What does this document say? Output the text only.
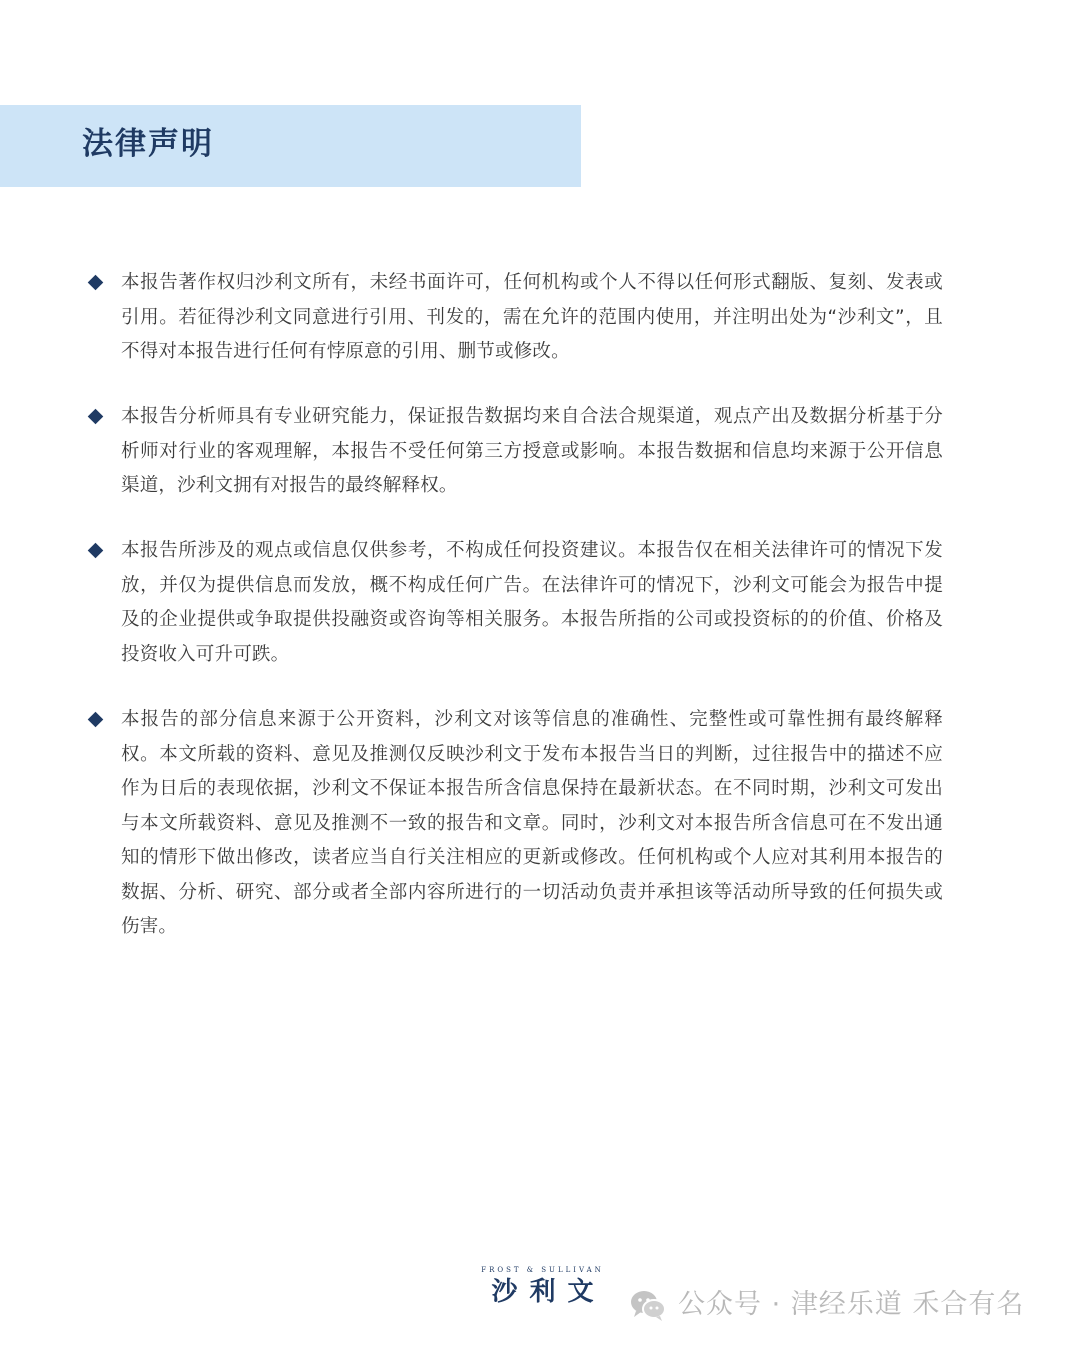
法律声明
本报告著作权归沙利文所有，未经书面许可，任何机构或个人不得以任何形式翻版、复刻、发表或引用。若征得沙利文同意进行引用、刊发的，需在允许的范围内使用，并注明出处为“沙利文”，且不得对本报告进行任何有悖原意的引用、删节或修改。
本报告分析师具有专业研究能力，保证报告数据均来自合法合规渠道，观点产出及数据分析基于分析师对行业的客观理解，本报告不受任何第三方授意或影响。本报告数据和信息均来源于公开信息渠道，沙利文拥有对报告的最终解释权。
本报告所涉及的观点或信息仅供参考，不构成任何投资建议。本报告仅在相关法律许可的情况下发放，并仅为提供信息而发放，概不构成任何广告。在法律许可的情况下，沙利文可能会为报告中提及的企业提供或争取提供投融资或咨询等相关服务。本报告所指的公司或投资标的的价值、价格及投资收入可升可跌。
本报告的部分信息来源于公开资料，沙利文对该等信息的准确性、完整性或可靠性拥有最终解释权。本文所载的资料、意见及推测仅反映沙利文于发布本报告当日的判断，过往报告中的描述不应作为日后的表现依据，沙利文不保证本报告所含信息保持在最新状态。在不同时期，沙利文可发出与本文所载资料、意见及推测不一致的报告和文章。同时，沙利文对本报告所含信息可在不发出通知的情形下做出修改，读者应当自行关注相应的更新或修改。任何机构或个人应对其利用本报告的数据、分析、研究、部分或者全部内容所进行的一切活动负责并承担该等活动所导致的任何损失或伤害。
FROST & SULLIVAN
沙利文	公众号 · 津经乐道 禾合有名
